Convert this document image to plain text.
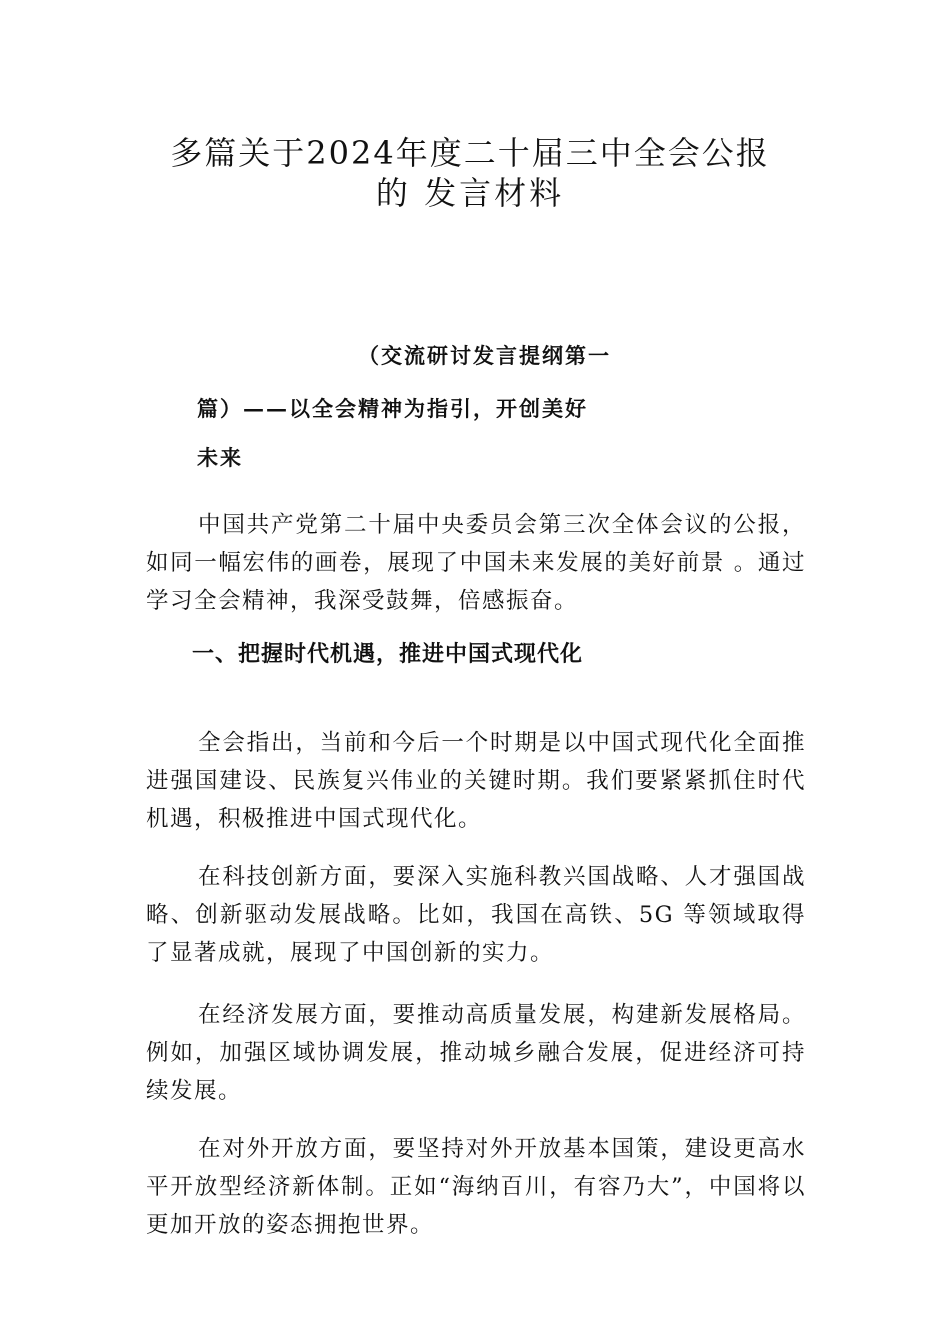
多篇关于2024年度二十届三中全会公报
的 发言材料

（交流研讨发言提纲第一

篇）——以全会精神为指引，开创美好

未来

中国共产党第二十届中央委员会第三次全体会议的公报，如同一幅宏伟的画卷，展现了中国未来发展的美好前景 。通过学习全会精神，我深受鼓舞，倍感振奋。

一、把握时代机遇，推进中国式现代化

全会指出，当前和今后一个时期是以中国式现代化全面推进强国建设、民族复兴伟业的关键时期。我们要紧紧抓住时代机遇，积极推进中国式现代化。

在科技创新方面，要深入实施科教兴国战略、人才强国战略、创新驱动发展战略。比如，我国在高铁、5G 等领域取得了显著成就，展现了中国创新的实力。

在经济发展方面，要推动高质量发展，构建新发展格局。例如，加强区域协调发展，推动城乡融合发展，促进经济可持续发展。

在对外开放方面，要坚持对外开放基本国策，建设更高水平开放型经济新体制。正如“海纳百川，有容乃大”，中国将以更加开放的姿态拥抱世界。
